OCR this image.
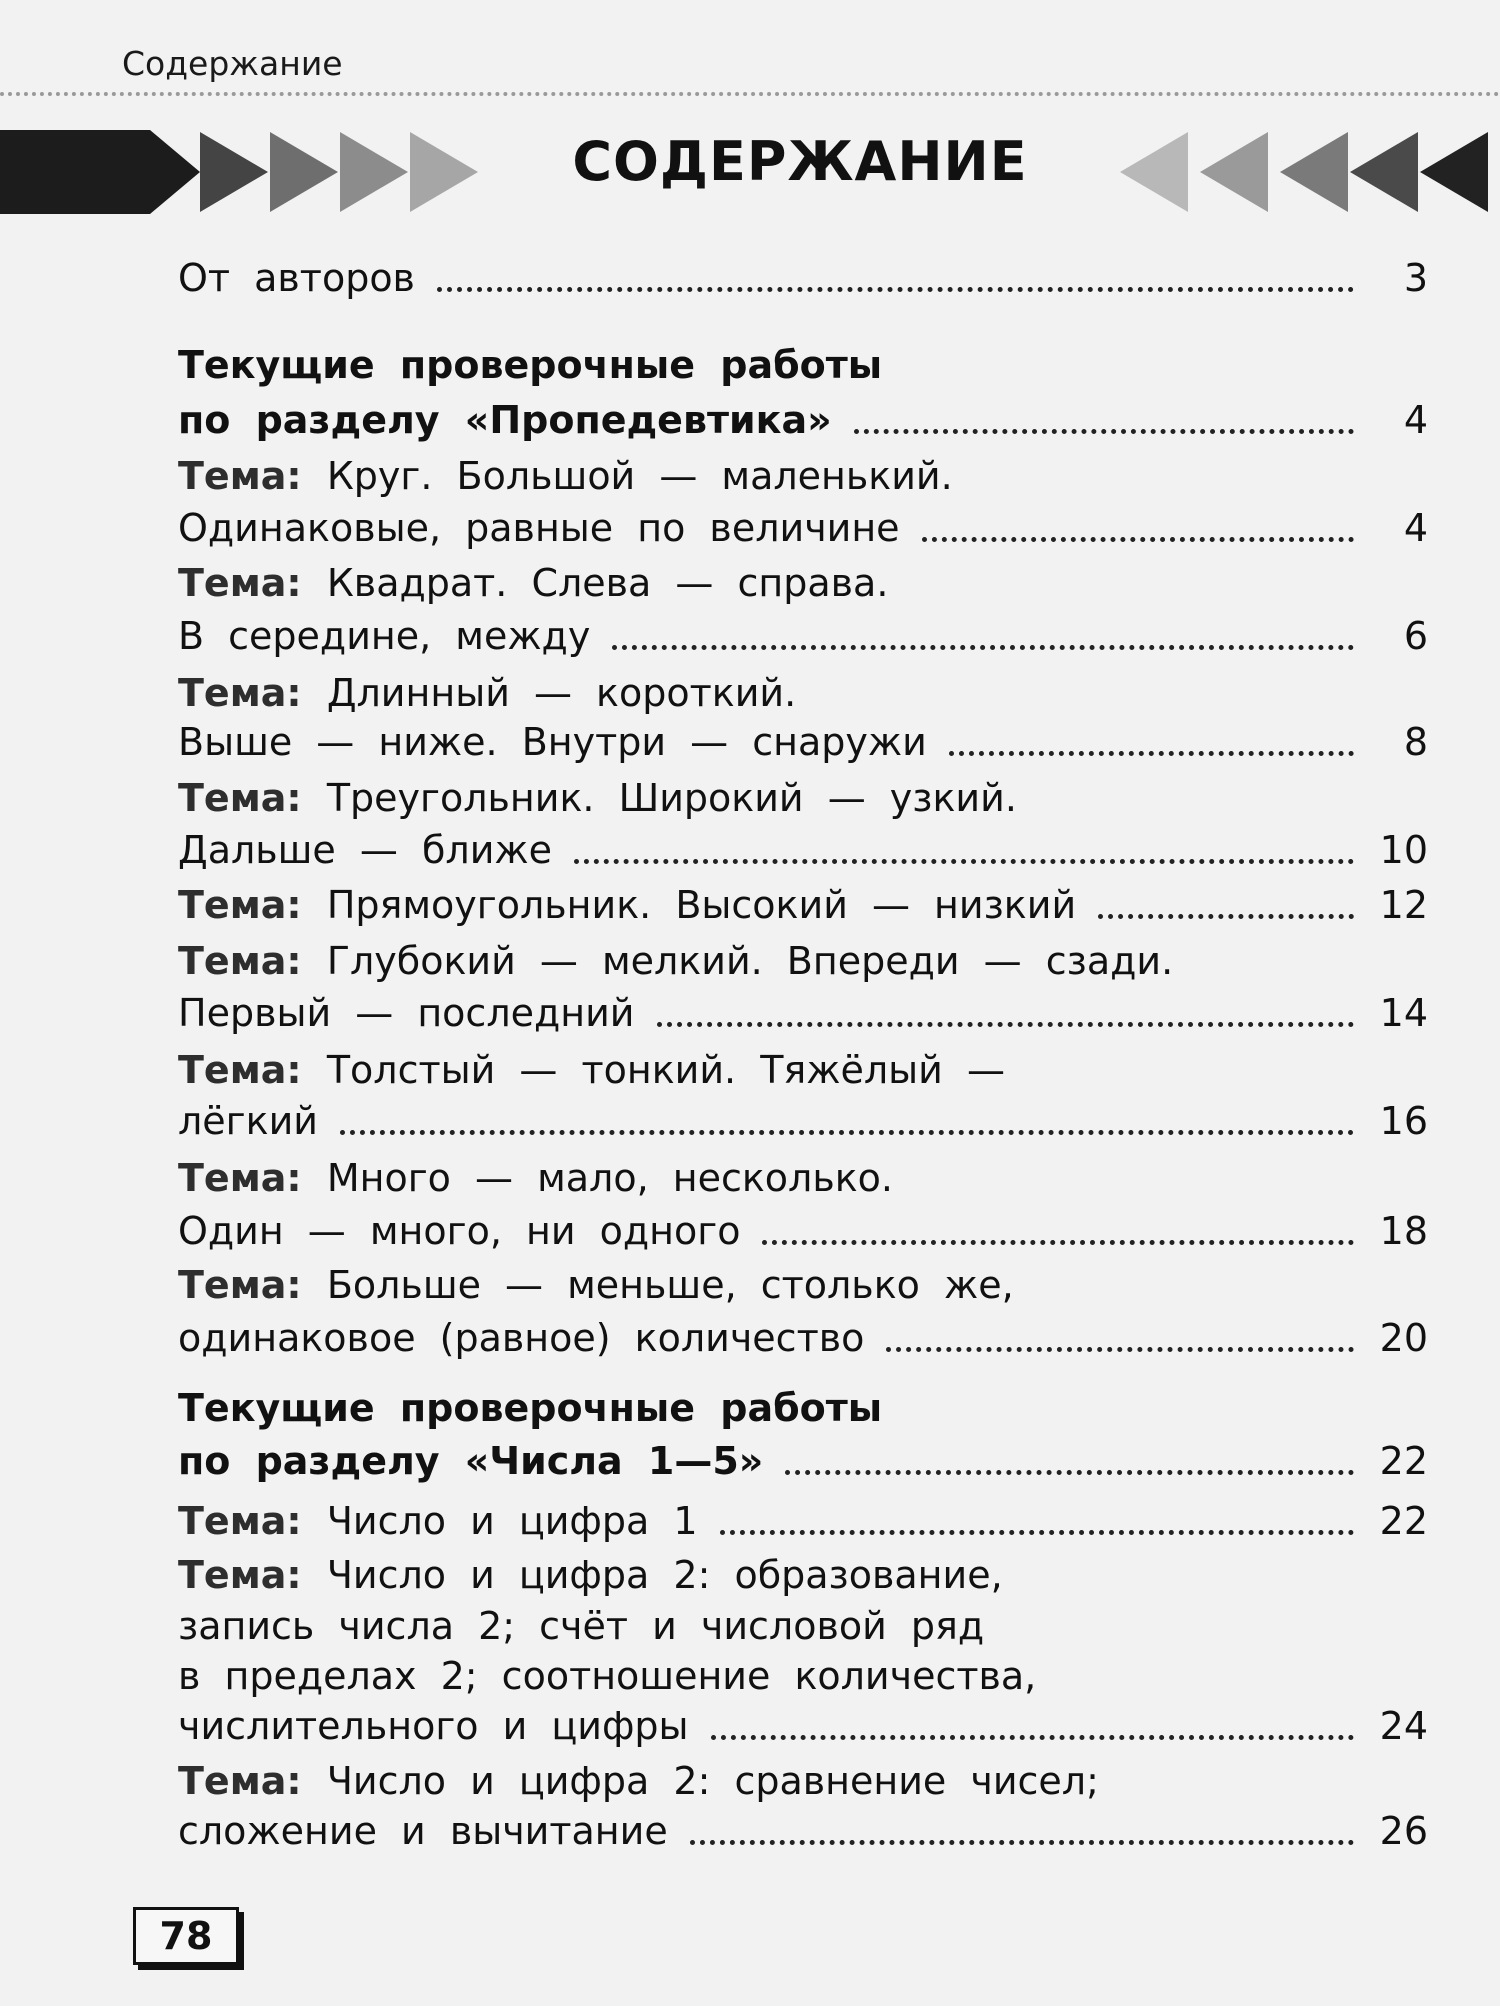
Содержание
СОДЕРЖАНИЕ
От авторов	3
Текущие проверочные работы
по разделу «Пропедевтика»	4
Тема: Круг. Большой — маленький.
Одинаковые, равные по величине	4
Тема: Квадрат. Слева — справа.
В середине, между	6
Тема: Длинный — короткий.
Выше — ниже. Внутри — снаружи	8
Тема: Треугольник. Широкий — узкий.
Дальше — ближе	10
Тема: Прямоугольник. Высокий — низкий	12
Тема: Глубокий — мелкий. Впереди — сзади.
Первый — последний	14
Тема: Толстый — тонкий. Тяжёлый —
лёгкий	16
Тема: Много — мало, несколько.
Один — много, ни одного	18
Тема: Больше — меньше, столько же,
одинаковое (равное) количество	20
Текущие проверочные работы
по разделу «Числа 1—5»	22
Тема: Число и цифра 1	22
Тема: Число и цифра 2: образование,
запись числа 2; счёт и числовой ряд
в пределах 2; соотношение количества,
числительного и цифры	24
Тема: Число и цифра 2: сравнение чисел;
сложение и вычитание	26
78
